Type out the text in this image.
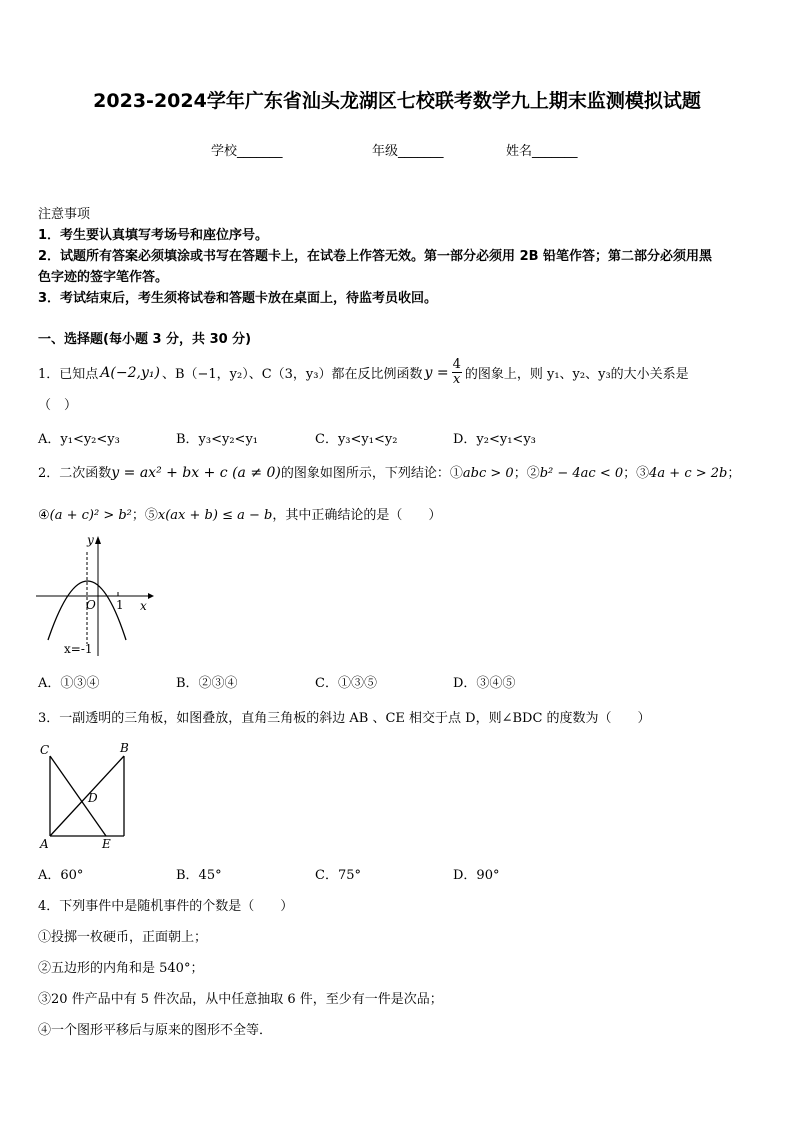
2023-2024学年广东省汕头龙湖区七校联考数学九上期末监测模拟试题
学校_______	年级_______	姓名_______
注意事项
1．考生要认真填写考场号和座位序号。
2．试题所有答案必须填涂或书写在答题卡上，在试卷上作答无效。第一部分必须用 2B 铅笔作答；第二部分必须用黑
色字迹的签字笔作答。
3．考试结束后，考生须将试卷和答题卡放在桌面上，待监考员收回。
一、选择题(每小题 3 分，共 30 分)
1．已知点 A(−2,y₁) 、B（−1，y₂）、C（3，y₃）都在反比例函数 $y = \frac{4}{x}$ 的图象上，则 y₁、y₂、y₃的大小关系是
（　）
A．y₁<y₂<y₃	B．y₃<y₂<y₁	C．y₃<y₁<y₂	D．y₂<y₁<y₃
2．二次函数y = ax² + bx + c (a ≠ 0)的图象如图所示，下列结论：①abc > 0；②b² − 4ac < 0；③4a + c > 2b；
④(a + c)² > b²；⑤x(ax + b) ≤ a − b，其中正确结论的是（　　）
y
x
O 1
x=-1
A．①③④	B．②③④	C．①③⑤	D．③④⑤
3．一副透明的三角板，如图叠放，直角三角板的斜边 AB 、CE 相交于点 D，则∠BDC 的度数为（　　）
C	B
D
A	E
A．60°	B．45°	C．75°	D．90°
4．下列事件中是随机事件的个数是（　　）
①投掷一枚硬币，正面朝上；
②五边形的内角和是 540°；
③20 件产品中有 5 件次品，从中任意抽取 6 件，至少有一件是次品；
④一个图形平移后与原来的图形不全等．
